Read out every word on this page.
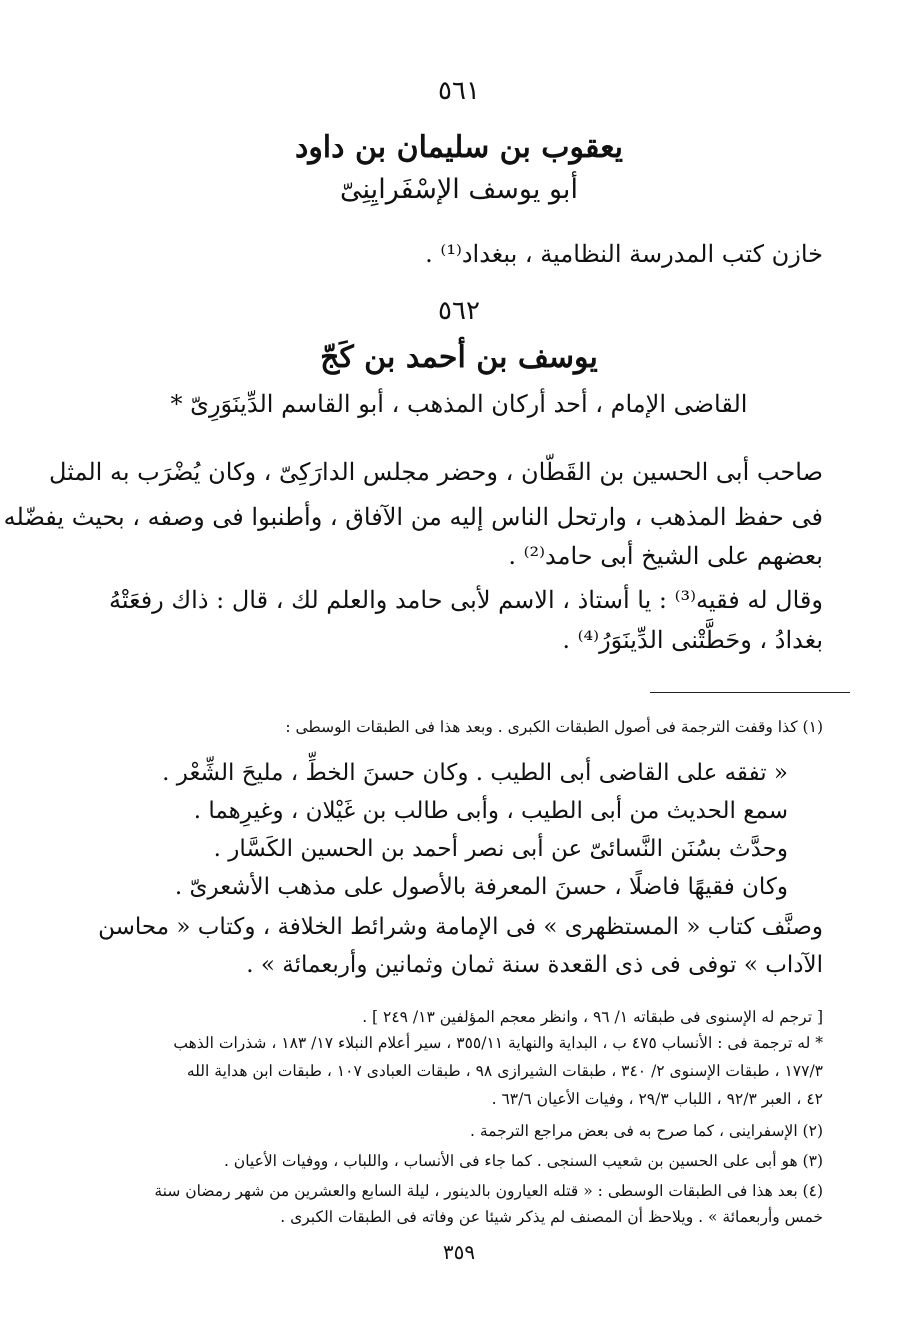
٥٦١
يعقوب بن سليمان بن داود
أبو يوسف الإسْفَرايِنِىّ
خازن كتب المدرسة النظامية ، ببغداد⁽¹⁾ .
٥٦٢
يوسف بن أحمد بن كَجّ
القاضى الإمام ، أحد أركان المذهب ، أبو القاسم الدِّينَوَرِىّ *
صاحب أبى الحسين بن القَطّان ، وحضر مجلس الدارَكِىّ ، وكان يُضْرَب به المثل
فى حفظ المذهب ، وارتحل الناس إليه من الآفاق ، وأطنبوا فى وصفه ، بحيث يفضّله
بعضهم على الشيخ أبى حامد⁽²⁾ .
وقال له فقيه⁽³⁾ : يا أستاذ ، الاسم لأبى حامد والعلم لك ، قال : ذاك رفعَتْهُ
بغدادُ ، وحَطَّتْنى الدِّينَوَرُ⁽⁴⁾ .
(١) كذا وقفت الترجمة فى أصول الطبقات الكبرى . وبعد هذا فى الطبقات الوسطى :
« تفقه على القاضى أبى الطيب . وكان حسنَ الخطِّ ، مليحَ الشِّعْر .
سمع الحديث من أبى الطيب ، وأبى طالب بن غَيْلان ، وغيرِهما .
وحدَّث بسُنَن النَّسائىّ عن أبى نصر أحمد بن الحسين الكَسَّار .
وكان فقيهًا فاضلًا ، حسنَ المعرفة بالأصول على مذهب الأشعرىّ .
وصنَّف كتاب « المستظهرى » فى الإمامة وشرائط الخلافة ، وكتاب « محاسن
الآداب » توفى فى ذى القعدة سنة ثمان وثمانين وأربعمائة » .
[ ترجم له الإسنوى فى طبقاته ١/ ٩٦ ، وانظر معجم المؤلفين ١٣/ ٢٤٩ ] .
* له ترجمة فى : الأنساب ٤٧٥ ب ، البداية والنهاية ٣٥٥/١١ ، سير أعلام النبلاء ١٧/ ١٨٣ ، شذرات الذهب
١٧٧/٣ ، طبقات الإسنوى ٢/ ٣٤٠ ، طبقات الشيرازى ٩٨ ، طبقات العبادى ١٠٧ ، طبقات ابن هداية الله
٤٢ ، العبر ٩٢/٣ ، اللباب ٢٩/٣ ، وفيات الأعيان ٦٣/٦ .
(٢) الإسفراينى ، كما صرح به فى بعض مراجع الترجمة .
(٣) هو أبى على الحسين بن شعيب السنجى . كما جاء فى الأنساب ، واللباب ، ووفيات الأعيان .
(٤) بعد هذا فى الطبقات الوسطى : « قتله العيارون بالدينور ، ليلة السابع والعشرين من شهر رمضان سنة
خمس وأربعمائة » . ويلاحظ أن المصنف لم يذكر شيئا عن وفاته فى الطبقات الكبرى .
٣٥٩
